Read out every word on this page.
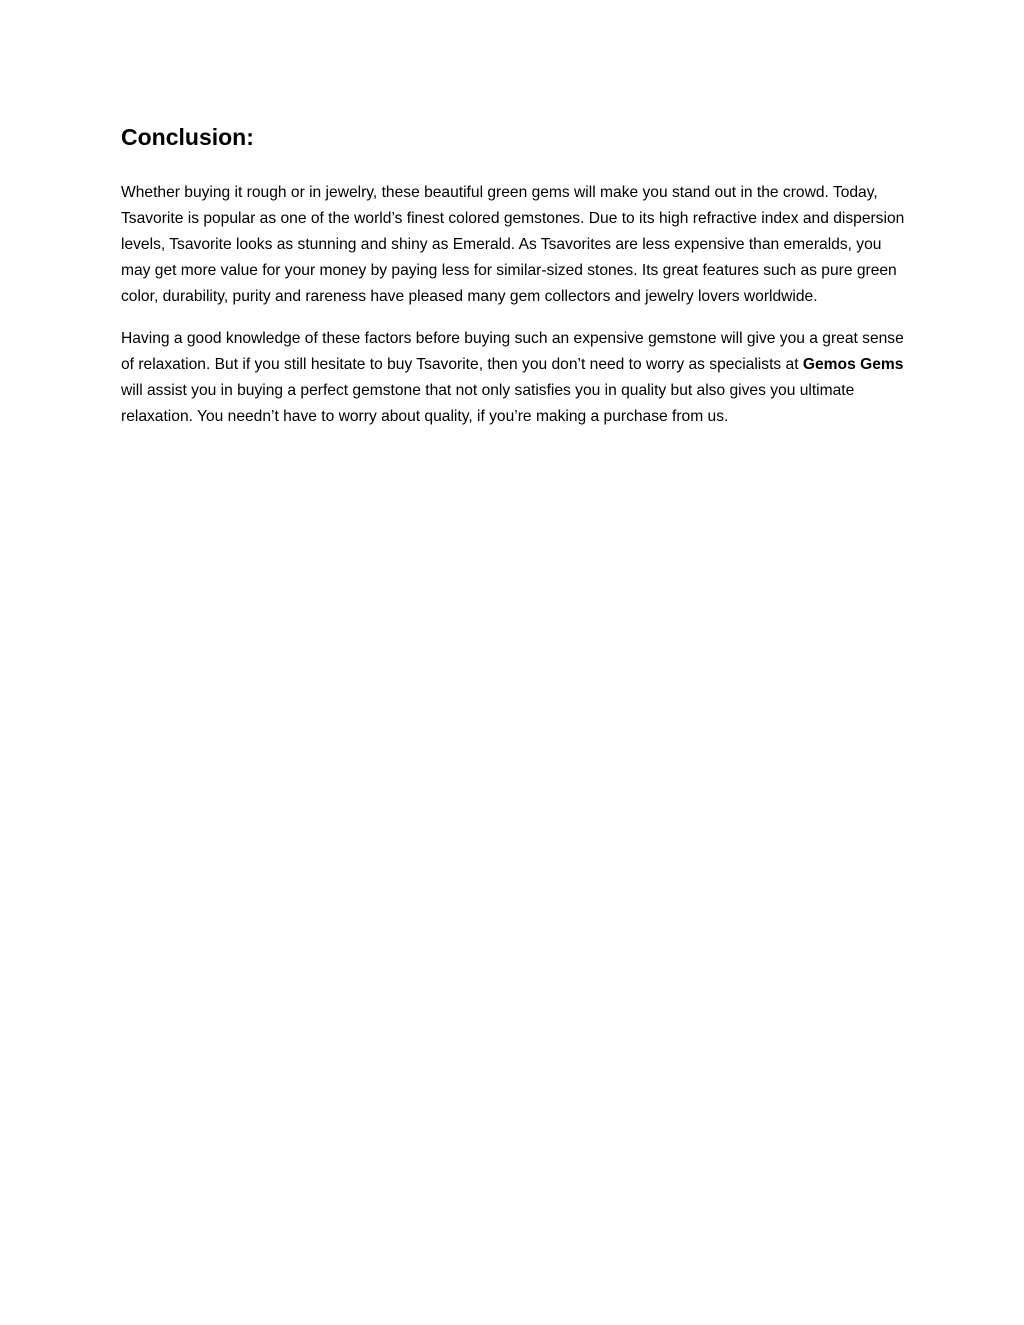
Conclusion:

Whether buying it rough or in jewelry, these beautiful green gems will make you stand out in the crowd. Today, Tsavorite is popular as one of the world’s finest colored gemstones. Due to its high refractive index and dispersion levels, Tsavorite looks as stunning and shiny as Emerald. As Tsavorites are less expensive than emeralds, you may get more value for your money by paying less for similar-sized stones. Its great features such as pure green color, durability, purity and rareness have pleased many gem collectors and jewelry lovers worldwide.

Having a good knowledge of these factors before buying such an expensive gemstone will give you a great sense of relaxation. But if you still hesitate to buy Tsavorite, then you don’t need to worry as specialists at Gemos Gems will assist you in buying a perfect gemstone that not only satisfies you in quality but also gives you ultimate relaxation. You needn’t have to worry about quality, if you’re making a purchase from us.
